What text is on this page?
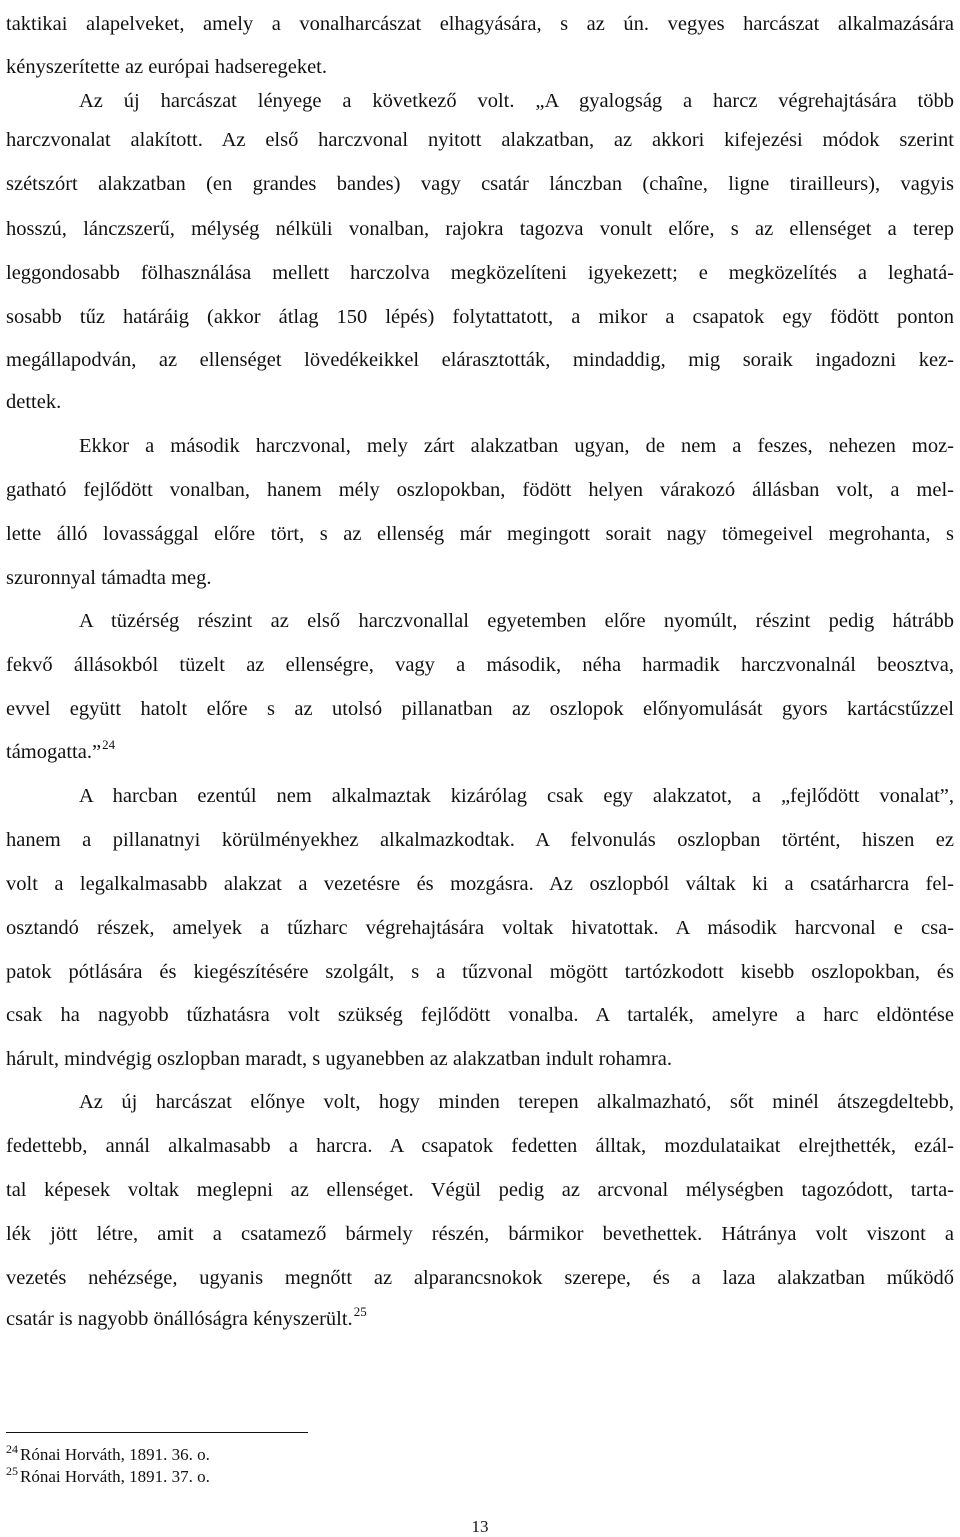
taktikai alapelveket, amely a vonalharcászat elhagyására, s az ún. vegyes harcászat alkalmazására
kényszerítette az európai hadseregeket.
Az új harcászat lényege a következő volt. „A gyalogság a harcz végrehajtására több
harczvonalat alakított. Az első harczvonal nyitott alakzatban, az akkori kifejezési módok szerint
szétszórt alakzatban (en grandes bandes) vagy csatár lánczban (chaîne, ligne tirailleurs), vagyis
hosszú, lánczszerű, mélység nélküli vonalban, rajokra tagozva vonult előre, s az ellenséget a terep
leggondosabb fölhasználása mellett harczolva megközelíteni igyekezett; e megközelítés a leghatá-
sosabb tűz határáig (akkor átlag 150 lépés) folytattatott, a mikor a csapatok egy födött ponton
megállapodván, az ellenséget lövedékeikkel elárasztották, mindaddig, mig soraik ingadozni kez-
dettek.
Ekkor a második harczvonal, mely zárt alakzatban ugyan, de nem a feszes, nehezen moz-
gatható fejlődött vonalban, hanem mély oszlopokban, födött helyen várakozó állásban volt, a mel-
lette álló lovassággal előre tört, s az ellenség már megingott sorait nagy tömegeivel megrohanta, s
szuronnyal támadta meg.
A tüzérség részint az első harczvonallal egyetemben előre nyomúlt, részint pedig hátrább
fekvő állásokból tüzelt az ellenségre, vagy a második, néha harmadik harczvonalnál beosztva,
evvel együtt hatolt előre s az utolsó pillanatban az oszlopok előnyomulását gyors kartácstűzzel
támogatta.”$^{24}$
A harcban ezentúl nem alkalmaztak kizárólag csak egy alakzatot, a „fejlődött vonalat”,
hanem a pillanatnyi körülményekhez alkalmazkodtak. A felvonulás oszlopban történt, hiszen ez
volt a legalkalmasabb alakzat a vezetésre és mozgásra. Az oszlopból váltak ki a csatárharcra fel-
osztandó részek, amelyek a tűzharc végrehajtására voltak hivatottak. A második harcvonal e csa-
patok pótlására és kiegészítésére szolgált, s a tűzvonal mögött tartózkodott kisebb oszlopokban, és
csak ha nagyobb tűzhatásra volt szükség fejlődött vonalba. A tartalék, amelyre a harc eldöntése
hárult, mindvégig oszlopban maradt, s ugyanebben az alakzatban indult rohamra.
Az új harcászat előnye volt, hogy minden terepen alkalmazható, sőt minél átszegdeltebb,
fedettebb, annál alkalmasabb a harcra. A csapatok fedetten álltak, mozdulataikat elrejthették, ezál-
tal képesek voltak meglepni az ellenséget. Végül pedig az arcvonal mélységben tagozódott, tarta-
lék jött létre, amit a csatamező bármely részén, bármikor bevethettek. Hátránya volt viszont a
vezetés nehézsége, ugyanis megnőtt az alparancsnokok szerepe, és a laza alakzatban működő
csatár is nagyobb önállóságra kényszerült.$^{25}$
$^{24}$ Rónai Horváth, 1891. 36. o.
$^{25}$ Rónai Horváth, 1891. 37. o.
13
